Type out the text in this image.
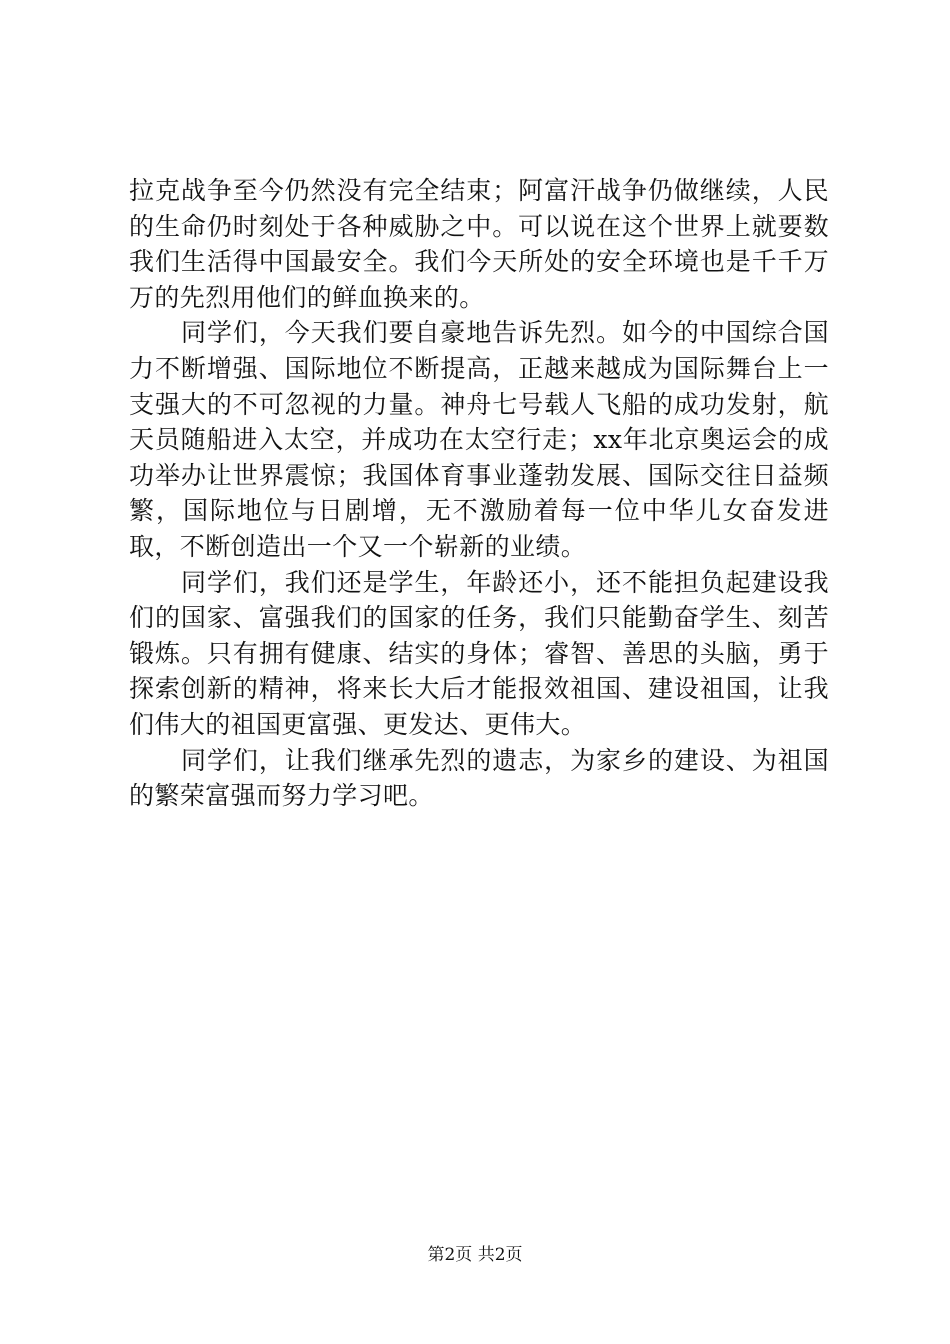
拉克战争至今仍然没有完全结束；阿富汗战争仍做继续，人民的生命仍时刻处于各种威胁之中。可以说在这个世界上就要数我们生活得中国最安全。我们今天所处的安全环境也是千千万万的先烈用他们的鲜血换来的。

同学们，今天我们要自豪地告诉先烈。如今的中国综合国力不断增强、国际地位不断提高，正越来越成为国际舞台上一支强大的不可忽视的力量。神舟七号载人飞船的成功发射，航天员随船进入太空，并成功在太空行走；xx年北京奥运会的成功举办让世界震惊；我国体育事业蓬勃发展、国际交往日益频繁，国际地位与日剧增，无不激励着每一位中华儿女奋发进取，不断创造出一个又一个崭新的业绩。

同学们，我们还是学生，年龄还小，还不能担负起建设我们的国家、富强我们的国家的任务，我们只能勤奋学生、刻苦锻炼。只有拥有健康、结实的身体；睿智、善思的头脑，勇于探索创新的精神，将来长大后才能报效祖国、建设祖国，让我们伟大的祖国更富强、更发达、更伟大。

同学们，让我们继承先烈的遗志，为家乡的建设、为祖国的繁荣富强而努力学习吧。

第2页 共2页
